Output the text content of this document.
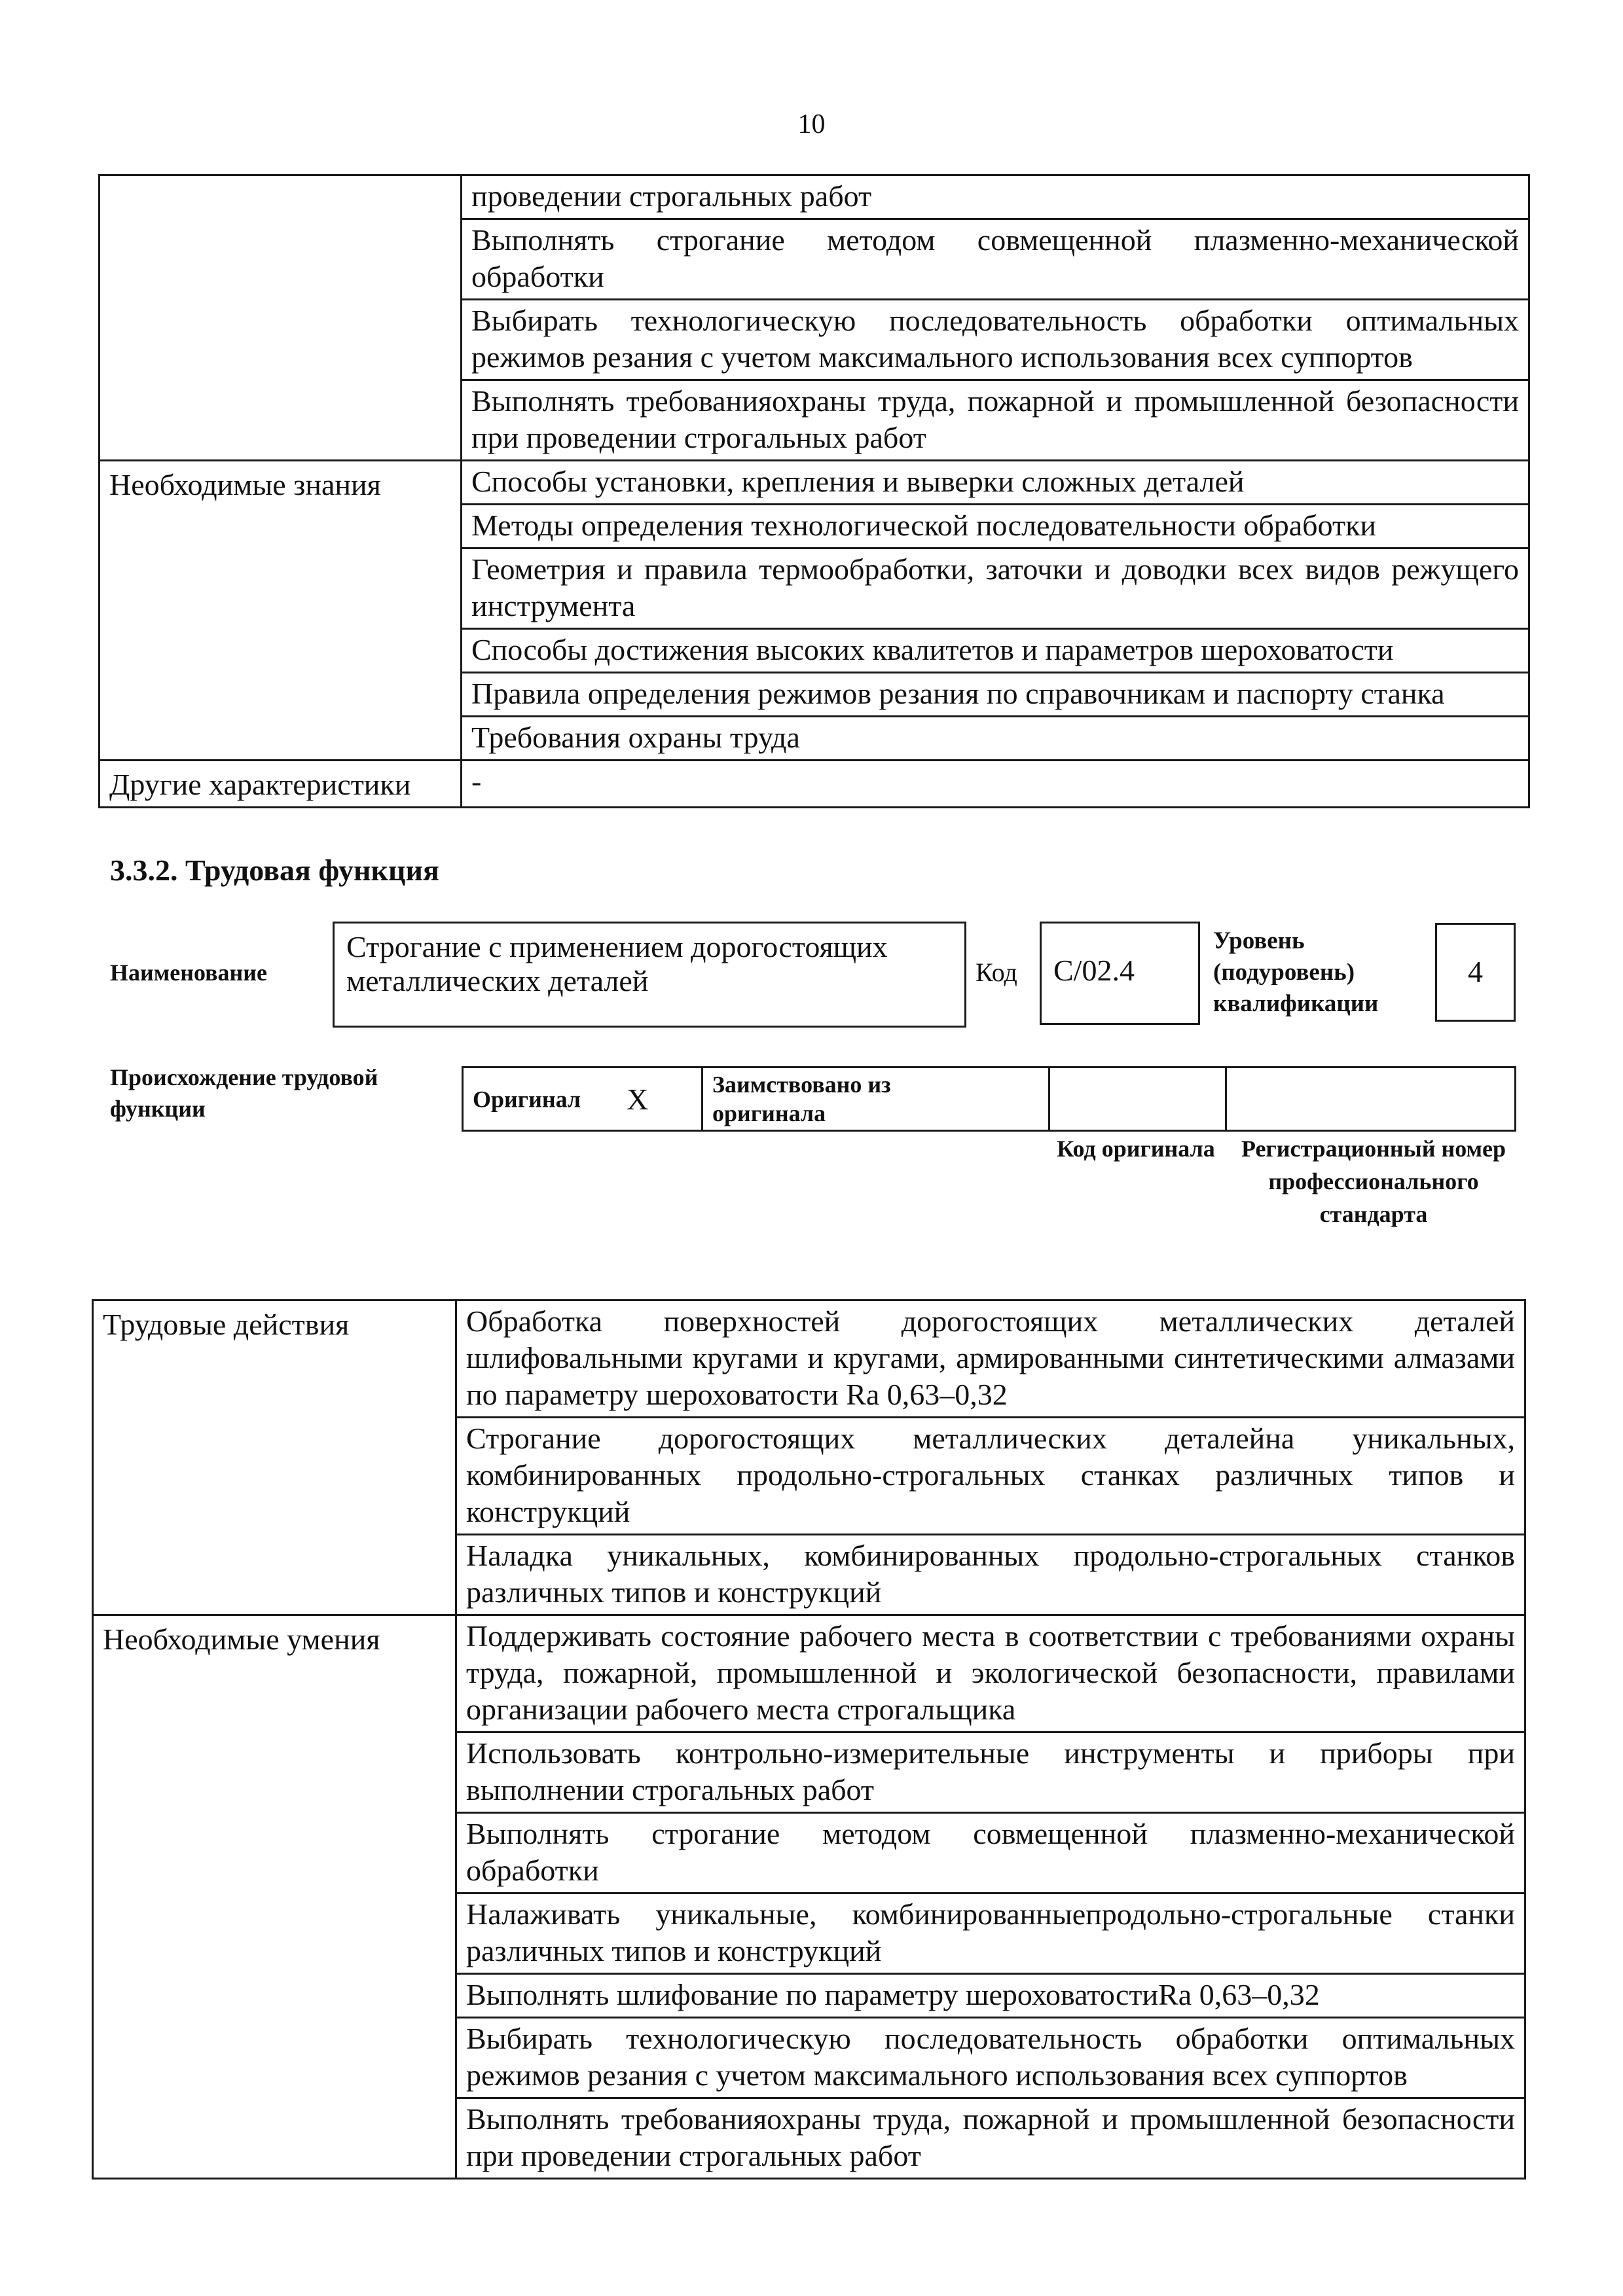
10
	проведении строгальных работ
	Выполнять строгание методом совмещенной плазменно-механической обработки
	Выбирать технологическую последовательность обработки оптимальных режимов резания с учетом максимального использования всех суппортов
	Выполнять требованияохраны труда, пожарной и промышленной безопасности при проведении строгальных работ
Необходимые знания	Способы установки, крепления и выверки сложных деталей
	Методы определения технологической последовательности обработки
	Геометрия и правила термообработки, заточки и доводки всех видов режущего инструмента
	Способы достижения высоких квалитетов и параметров шероховатости
	Правила определения режимов резания по справочникам и паспорту станка
	Требования охраны труда
Другие характеристики	-
3.3.2. Трудовая функция
Наименование
Строгание с применением дорогостоящих металлических деталей	Код С/02.4
Уровень (подуровень) квалификации
4
Происхождение трудовой функции	Оригинал X	Заимствовано из оригинала

Код оригинала	Регистрационный номер профессионального стандарта
Трудовые действия	Обработка поверхностей дорогостоящих металлических деталей шлифовальными кругами и кругами, армированными синтетическими алмазами по параметру шероховатости Ra 0,63–0,32
	Строгание дорогостоящих металлических деталейна уникальных, комбинированных продольно-строгальных станках различных типов и конструкций
	Наладка уникальных, комбинированных продольно-строгальных станков различных типов и конструкций
Необходимые умения	Поддерживать состояние рабочего места в соответствии с требованиями охраны труда, пожарной, промышленной и экологической безопасности, правилами организации рабочего места строгальщика
	Использовать контрольно-измерительные инструменты и приборы при выполнении строгальных работ
	Выполнять строгание методом совмещенной плазменно-механической обработки
	Налаживать уникальные, комбинированныепродольно-строгальные станки различных типов и конструкций
	Выполнять шлифование по параметру шероховатостиRa 0,63–0,32
	Выбирать технологическую последовательность обработки оптимальных режимов резания с учетом максимального использования всех суппортов
	Выполнять требованияохраны труда, пожарной и промышленной безопасности при проведении строгальных работ
